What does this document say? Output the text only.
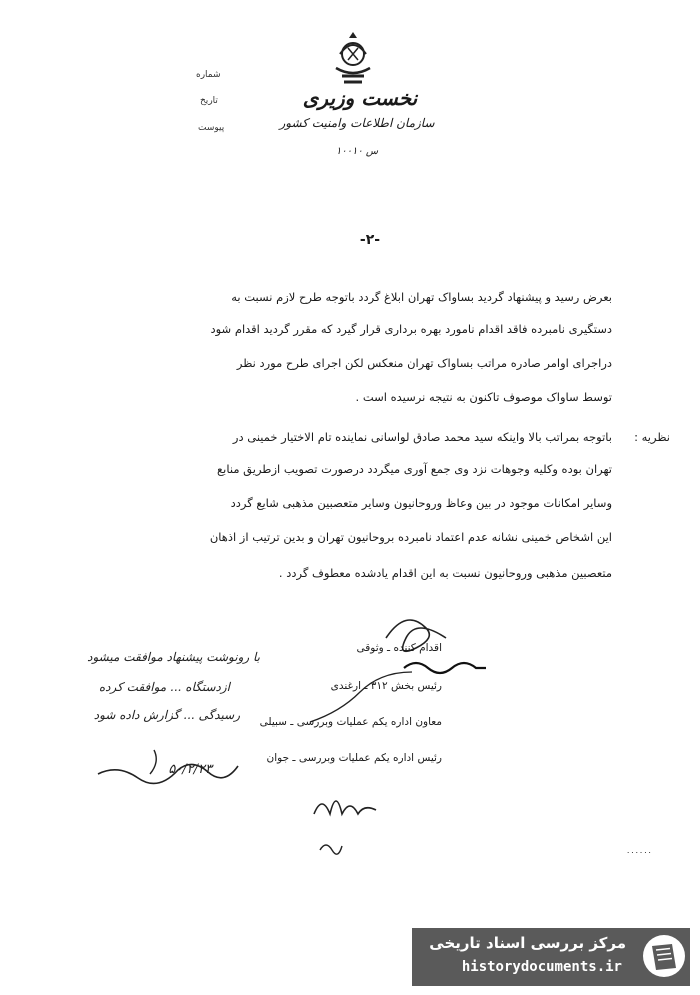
شماره
تاریخ
پیوست
نخست وزیری
سازمان اطلاعات وامنیت کشور
س ۱۰۰۱۰
-۲-
بعرض رسید و پیشنهاد گردید بساواک تهران ابلاغ گردد باتوجه طرح لازم نسبت به
دستگیری نامبرده فاقد اقدام نامورد بهره برداری قرار گیرد که مقرر گردید اقدام شود
دراجرای اوامر صادره مراتب بساواک تهران منعکس لکن اجرای طرح مورد نظر
توسط ساواک موصوف تاکنون به نتیجه نرسیده است .
نظریه :
باتوجه بمراتب بالا واینکه سید محمد صادق لواسانی نماینده تام الاختیار خمینی در
تهران بوده وکلیه وجوهات نزد وی جمع آوری میگردد درصورت تصویب ازطریق منابع
وسایر امکانات موجود در بین وعاظ وروحانیون وسایر متعصبین مذهبی شایع گردد
این اشخاص خمینی نشانه عدم اعتماد نامبرده بروحانیون تهران و بدین ترتیب از اذهان
متعصبین مذهبی وروحانیون نسبت به این اقدام یادشده معطوف گردد .
با رونوشت پیشنهاد موافقت میشود
ازدستگاه ... موافقت کرده
رسیدگی ... گزارش داده شود
۵۰/۲/۲۳
اقدام کننده ـ وثوقی
رئیس بخش ۳۱۲ ـ ارغندی
معاون اداره یکم عملیات وبررسی ـ سبیلی
رئیس اداره یکم عملیات وبررسی ـ جوان
۰۰۰۰۰۰
مرکز بررسی اسناد تاریخی
historydocuments.ir
